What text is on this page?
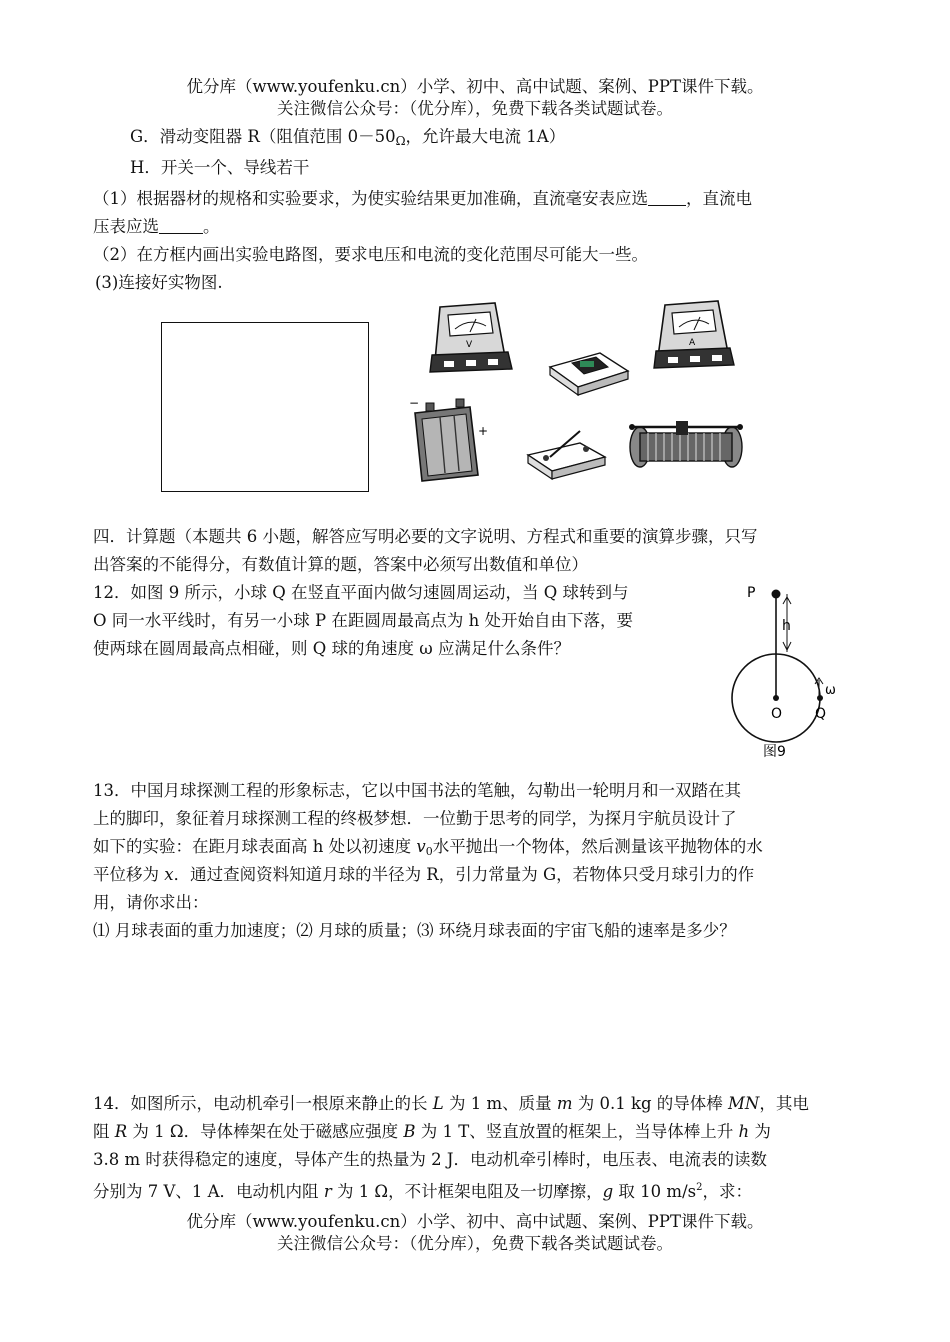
优分库（www.youfenku.cn）小学、初中、高中试题、案例、PPT课件下载。
关注微信公众号：（优分库），免费下载各类试题试卷。
G．滑动变阻器 R（阻值范围 0－50Ω，允许最大电流 1A）
H．开关一个、导线若干
（1）根据器材的规格和实验要求，为使实验结果更加准确，直流毫安表应选 ，直流电
压表应选	。
（2）在方框内画出实验电路图，要求电压和电流的变化范围尽可能大一些。
(3)连接好实物图.
V	A
−
+
四．计算题（本题共 6 小题，解答应写明必要的文字说明、方程式和重要的演算步骤，只写
出答案的不能得分，有数值计算的题，答案中必须写出数值和单位）
12．如图 9 所示，小球 Q 在竖直平面内做匀速圆周运动，当 Q 球转到与
O 同一水平线时，有另一小球 P 在距圆周最高点为 h 处开始自由下落，要
使两球在圆周最高点相碰，则 Q 球的角速度 ω 应满足什么条件？
P
h
O Q
ω
图9
13．中国月球探测工程的形象标志，它以中国书法的笔触，勾勒出一轮明月和一双踏在其
上的脚印，象征着月球探测工程的终极梦想．一位勤于思考的同学，为探月宇航员设计了
如下的实验：在距月球表面高 h 处以初速度 $v_0$水平抛出一个物体，然后测量该平抛物体的水
平位移为 x．通过查阅资料知道月球的半径为 R，引力常量为 G，若物体只受月球引力的作
用，请你求出：
⑴ 月球表面的重力加速度；⑵ 月球的质量；⑶ 环绕月球表面的宇宙飞船的速率是多少？
14．如图所示，电动机牵引一根原来静止的长 L 为 1 m、质量 m 为 0.1 kg 的导体棒 MN，其电
阻 R 为 1 Ω．导体棒架在处于磁感应强度 B 为 1 T、竖直放置的框架上，当导体棒上升 h 为
3.8 m 时获得稳定的速度，导体产生的热量为 2 J．电动机牵引棒时，电压表、电流表的读数
分别为 7 V、1 A．电动机内阻 r 为 1 Ω，不计框架电阻及一切摩擦，g 取 10 $m/s^2$，求：
优分库（www.youfenku.cn）小学、初中、高中试题、案例、PPT课件下载。
关注微信公众号：（优分库），免费下载各类试题试卷。
